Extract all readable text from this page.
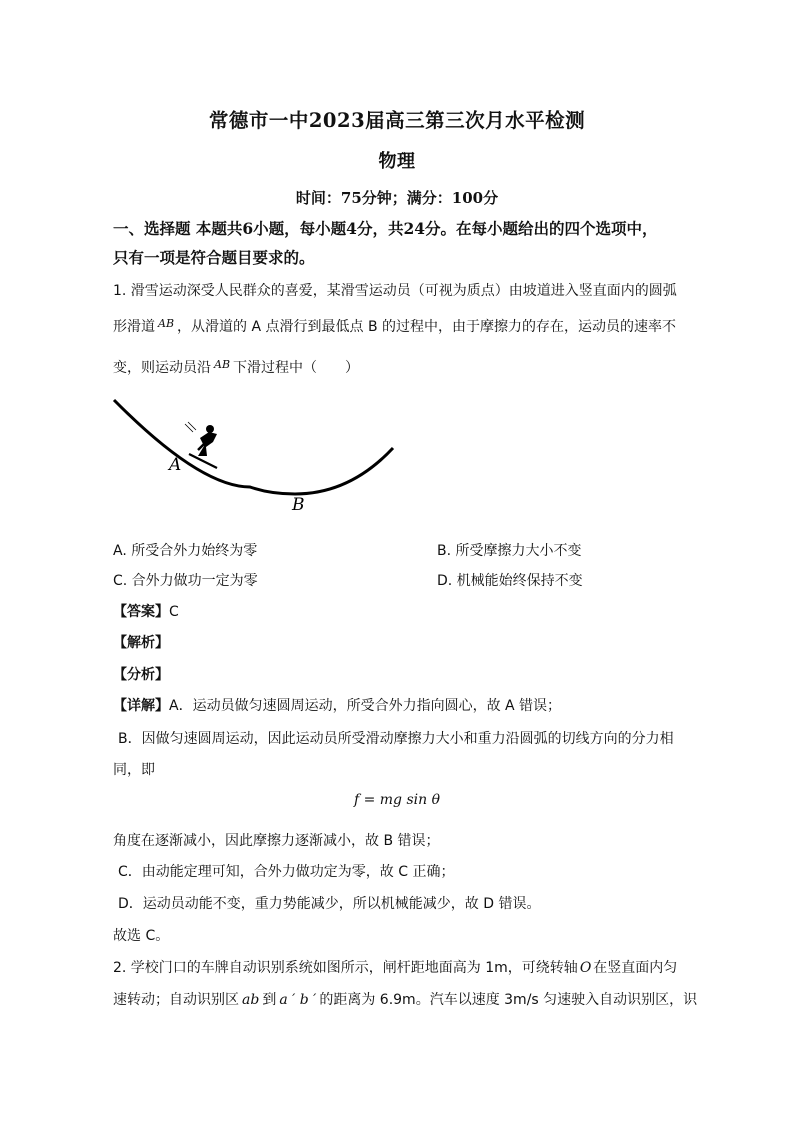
常德市一中2023届高三第三次月水平检测
物理
时间：75分钟；满分：100分
一、选择题 本题共6小题，每小题4分，共24分。在每小题给出的四个选项中，
只有一项是符合题目要求的。
1. 滑雪运动深受人民群众的喜爱，某滑雪运动员（可视为质点）由坡道进入竖直面内的圆弧
形滑道 $^{AB}$ ，从滑道的 A 点滑行到最低点 B 的过程中，由于摩擦力的存在，运动员的速率不
变，则运动员沿 $^{AB}$ 下滑过程中（　　）
A
B
A. 所受合外力始终为零	B. 所受摩擦力大小不变
C. 合外力做功一定为零	D. 机械能始终保持不变
【答案】C
【解析】
【分析】
【详解】A．运动员做匀速圆周运动，所受合外力指向圆心，故 A 错误；
B．因做匀速圆周运动，因此运动员所受滑动摩擦力大小和重力沿圆弧的切线方向的分力相
同，即
f = mg sin θ
角度在逐渐减小，因此摩擦力逐渐减小，故 B 错误；
C．由动能定理可知，合外力做功定为零，故 C 正确；
D．运动员动能不变，重力势能减少，所以机械能减少，故 D 错误。
故选 C。
2. 学校门口的车牌自动识别系统如图所示，闸杆距地面高为 1m，可绕转轴 O 在竖直面内匀
速转动；自动识别区 ab 到 a ′ b ′ 的距离为 6.9m。汽车以速度 3m/s 匀速驶入自动识别区，识
